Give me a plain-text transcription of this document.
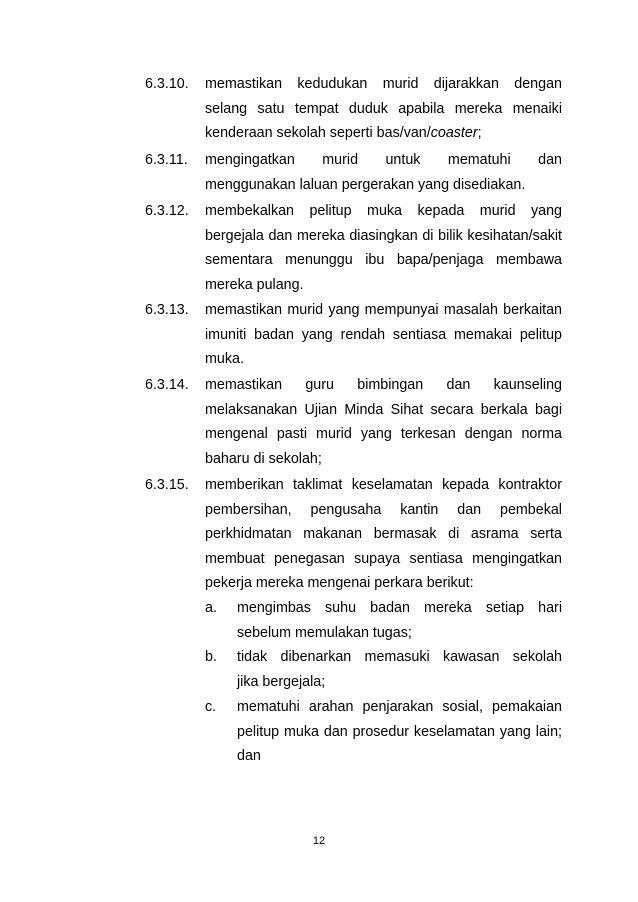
6.3.10. memastikan kedudukan murid dijarakkan dengan
selang satu tempat duduk apabila mereka menaiki
kenderaan sekolah seperti bas/van/coaster;
6.3.11. mengingatkan murid untuk mematuhi dan
menggunakan laluan pergerakan yang disediakan.
6.3.12. membekalkan pelitup muka kepada murid yang
bergejala dan mereka diasingkan di bilik kesihatan/sakit
sementara menunggu ibu bapa/penjaga membawa
mereka pulang.
6.3.13. memastikan murid yang mempunyai masalah berkaitan
imuniti badan yang rendah sentiasa memakai pelitup
muka.
6.3.14. memastikan guru bimbingan dan kaunseling
melaksanakan Ujian Minda Sihat secara berkala bagi
mengenal pasti murid yang terkesan dengan norma
baharu di sekolah;
6.3.15. memberikan taklimat keselamatan kepada kontraktor
pembersihan, pengusaha kantin dan pembekal
perkhidmatan makanan bermasak di asrama serta
membuat penegasan supaya sentiasa mengingatkan
pekerja mereka mengenai perkara berikut:
a. mengimbas suhu badan mereka setiap hari
sebelum memulakan tugas;
b. tidak dibenarkan memasuki kawasan sekolah
jika bergejala;
c. mematuhi arahan penjarakan sosial, pemakaian
pelitup muka dan prosedur keselamatan yang lain;
dan
12
